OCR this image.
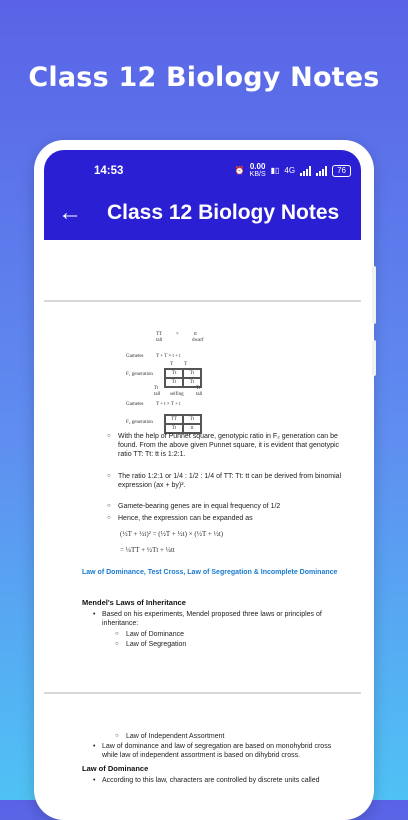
Class 12 Biology Notes
14:53	⏰ 0.00
KB/S ▮▯ 4G	76
← Class 12 Biology Notes
TT
tall
×	tt
dwarf
Gametes	T + T × t + t
T T
F₁ generation	Tt	Tt
Tt	Tt
Tt
tall selfing
Tt
tall
Gametes	T + t × T + t
F₂ generation
TT	Tt
Tt	tt
○ With the help of Punnet square, genotypic ratio in F₂ generation can be found. From the above given Punnet square, it is evident that genotypic ratio TT: Tt: tt is 1:2:1.
○ The ratio 1:2:1 or 1/4 : 1/2 : 1/4 of TT: Tt: tt can be derived from binomial expression (ax + by)².
○ Gamete-bearing genes are in equal frequency of 1/2
○ Hence, the expression can be expanded as
(½T + ½t)² = (½T + ½t) × (½T + ½t)
= ¼TT + ½Tt + ¼tt
Law of Dominance, Test Cross, Law of Segregation & Incomplete Dominance
Mendel's Laws of Inheritance
• Based on his experiments, Mendel proposed three laws or principles of inheritance:
○ Law of Dominance
○ Law of Segregation
○ Law of Independent Assortment
• Law of dominance and law of segregation are based on monohybrid cross while law of independent assortment is based on dihybrid cross.
Law of Dominance
• According to this law, characters are controlled by discrete units called
